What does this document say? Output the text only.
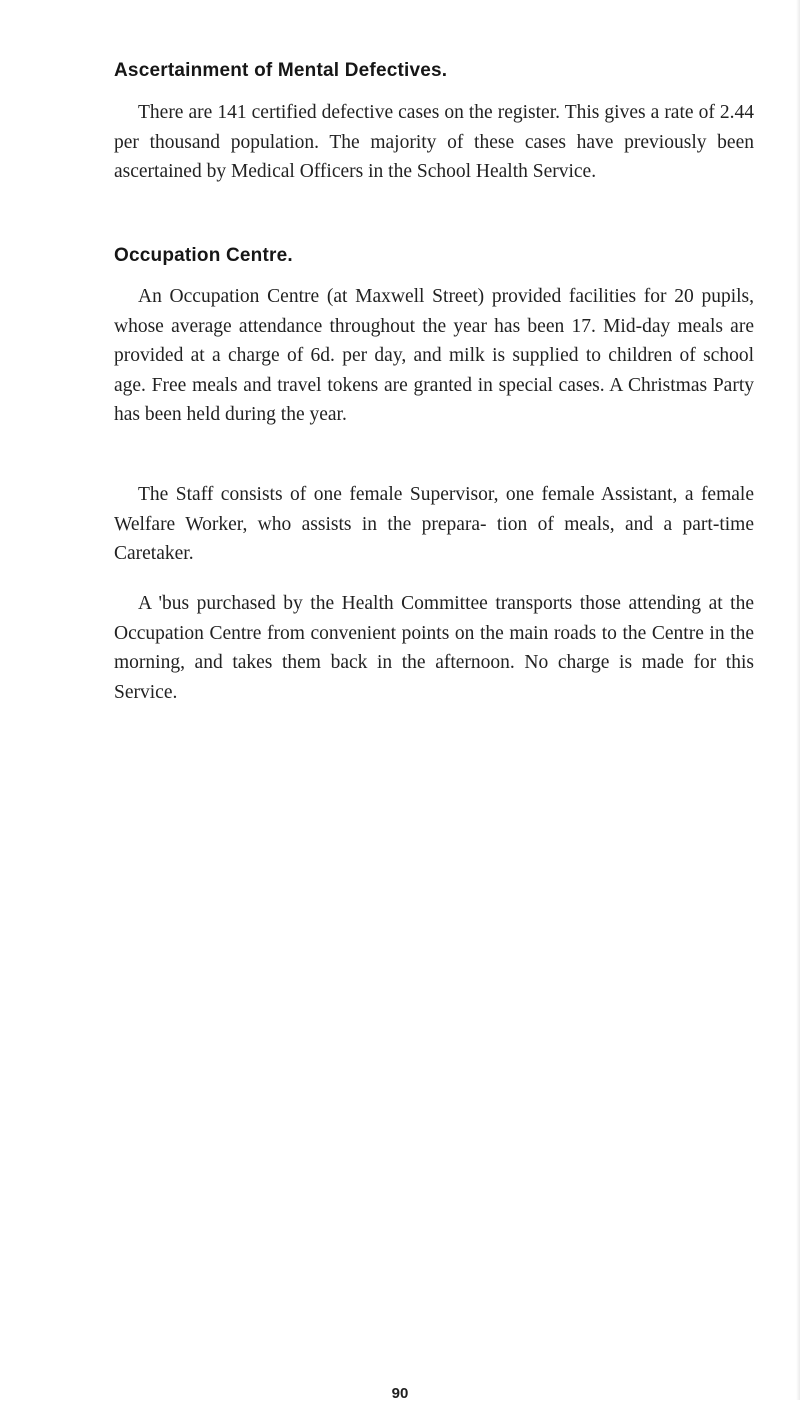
Ascertainment of Mental Defectives.

There are 141 certified defective cases on the register. This gives a rate of 2.44 per thousand population. The majority of these cases have previously been ascertained by Medical Officers in the School Health Service.

Occupation Centre.

An Occupation Centre (at Maxwell Street) provided facilities for 20 pupils, whose average attendance throughout the year has been 17. Mid-day meals are provided at a charge of 6d. per day, and milk is supplied to children of school age. Free meals and travel tokens are granted in special cases. A Christmas Party has been held during the year.

The Staff consists of one female Supervisor, one female Assistant, a female Welfare Worker, who assists in the prepara- tion of meals, and a part-time Caretaker.

A 'bus purchased by the Health Committee transports those attending at the Occupation Centre from convenient points on the main roads to the Centre in the morning, and takes them back in the afternoon. No charge is made for this Service.

90
